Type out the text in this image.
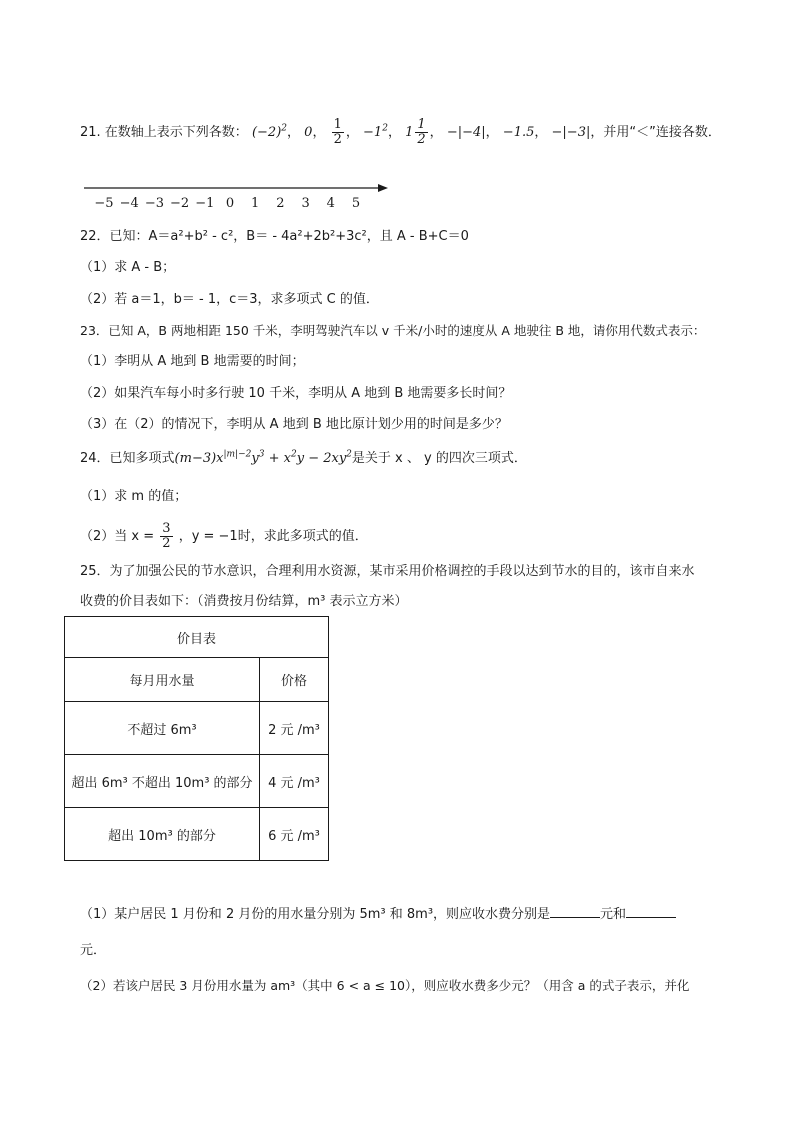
21. 在数轴上表示下列各数： $(-2)^2$， 0， $\frac{1}{2}$ ， $-1^2$， $1 \frac{1}{2}$ ， −|−4|， −1.5， −|−3|，并用“＜”连接各数．
−5 −4 −3 −2 −1 0 1 2 3 4 5
22．已知：A＝a²+b² - c²，B＝ - 4a²+2b²+3c²，且 A - B+C＝0
（1）求 A - B；
（2）若 a＝1，b＝ - 1，c＝3，求多项式 C 的值．
23．已知 A，B 两地相距 150 千米，李明驾驶汽车以 v 千米/小时的速度从 A 地驶往 B 地，请你用代数式表示：
（1）李明从 A 地到 B 地需要的时间；
（2）如果汽车每小时多行驶 10 千米，李明从 A 地到 B 地需要多长时间？
（3）在（2）的情况下，李明从 A 地到 B 地比原计划少用的时间是多少？
24．已知多项式$(m-3)x^{|m|-2}y^3 + x^2y - 2xy^2$是关于 x 、 y 的四次三项式．
（1）求 m 的值；
（2）当 $x = \frac{3}{2}$ ，y = −1时，求此多项式的值．
25．为了加强公民的节水意识，合理利用水资源，某市采用价格调控的手段以达到节水的目的，该市自来水
收费的价目表如下：（消费按月份结算，m³ 表示立方米）
价目表	
每月用水量	价格
不超过 6m³	2 元 /m³
超出 6m³ 不超出 10m³ 的部分	4 元 /m³
超出 10m³ 的部分	6 元 /m³
（1）某户居民 1 月份和 2 月份的用水量分别为 5m³ 和 8m³，则应收水费分别是	元和
元．
（2）若该户居民 3 月份用水量为 am³（其中 6 < a ≤ 10），则应收水费多少元？（用含 a 的式子表示，并化
